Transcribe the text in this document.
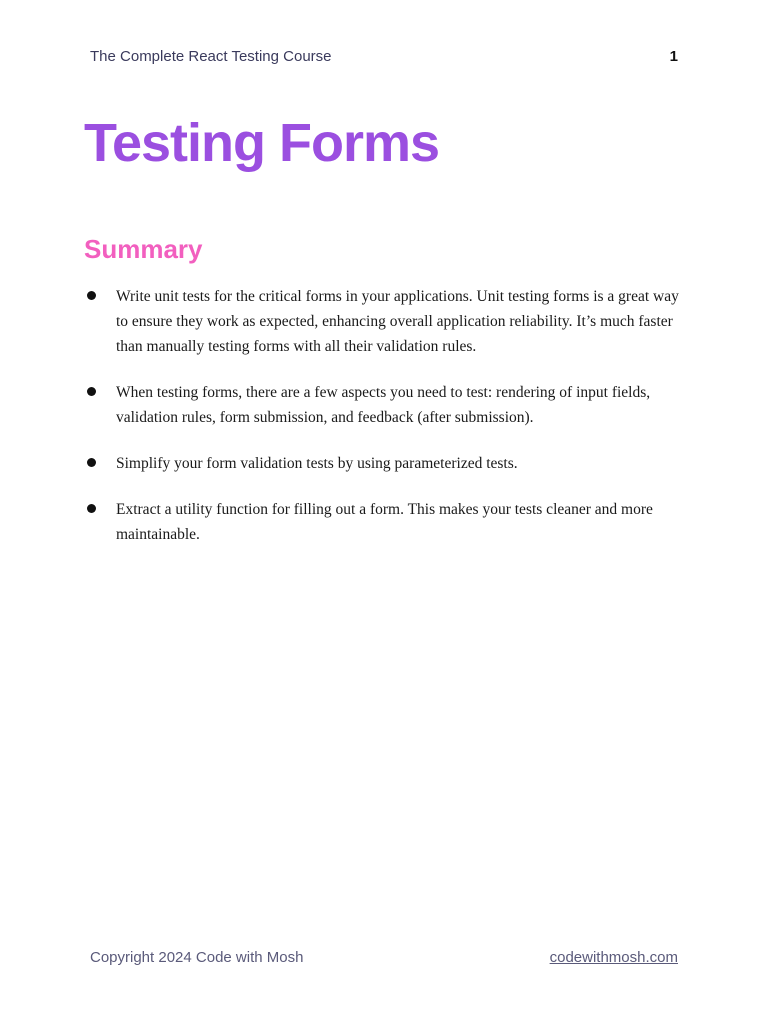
The Complete React Testing Course	1
Testing Forms
Summary
Write unit tests for the critical forms in your applications. Unit testing forms is a great way to ensure they work as expected, enhancing overall application reliability. It’s much faster than manually testing forms with all their validation rules.
When testing forms, there are a few aspects you need to test: rendering of input fields, validation rules, form submission, and feedback (after submission).
Simplify your form validation tests by using parameterized tests.
Extract a utility function for filling out a form. This makes your tests cleaner and more maintainable.
Copyright 2024 Code with Mosh	codewithmosh.com
